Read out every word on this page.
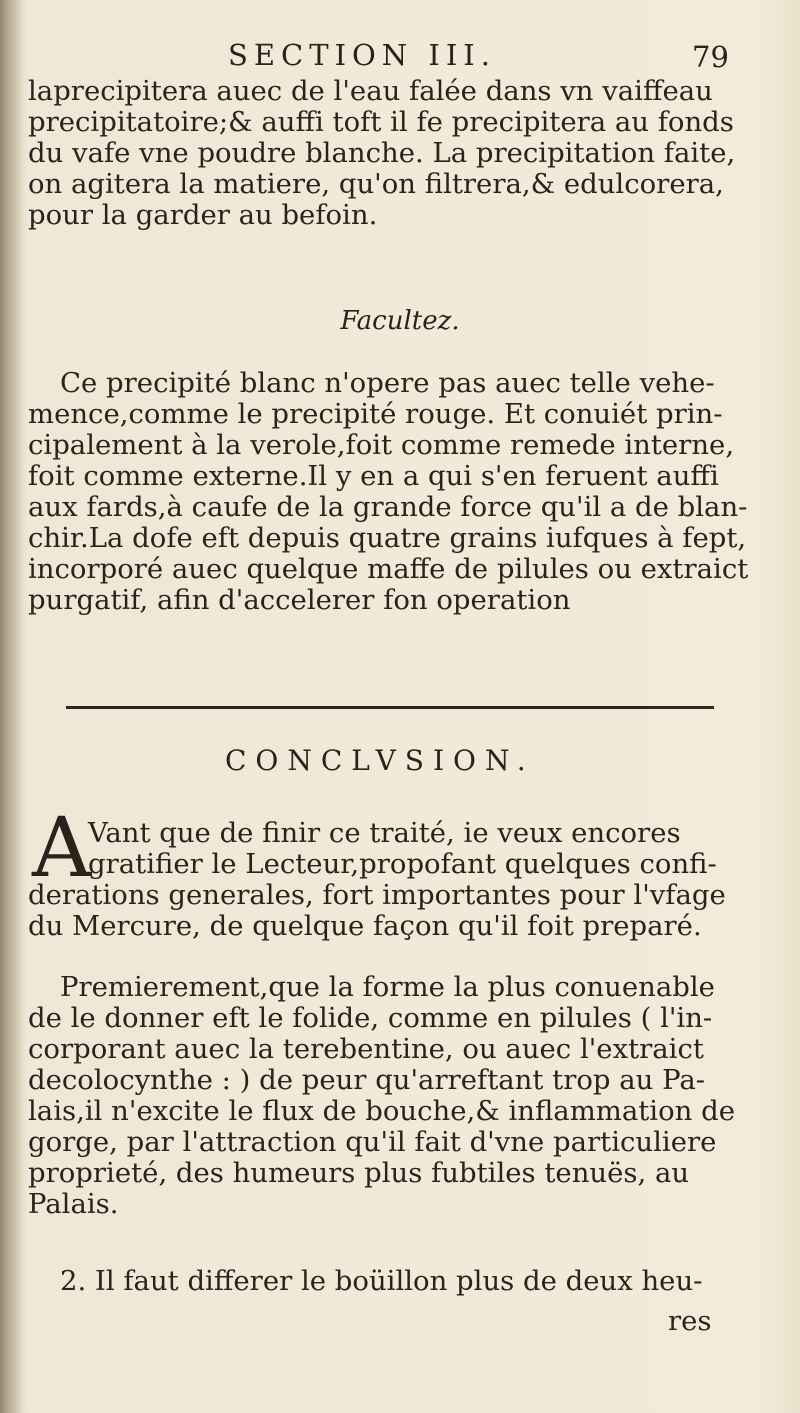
SECTION III.	79
laprecipitera auec de l'eau falée dans vn vaiffeau
precipitatoire;& auffi toft il fe precipitera au fonds
du vafe vne poudre blanche. La precipitation faite,
on agitera la matiere, qu'on filtrera,& edulcorera,
pour la garder au befoin.
Facultez.
Ce precipité blanc n'opere pas auec telle vehe-
mence,comme le precipité rouge. Et conuiét prin-
cipalement à la verole,foit comme remede interne,
foit comme externe.Il y en a qui s'en feruent auffi
aux fards,à caufe de la grande force qu'il a de blan-
chir.La dofe eft depuis quatre grains iufques à fept,
incorporé auec quelque maffe de pilules ou extraict
purgatif, afin d'accelerer fon operation
CONCLVSION.
A
Vant que de finir ce traité, ie veux encores
gratifier le Lecteur,propofant quelques confi-
derations generales, fort importantes pour l'vfage
du Mercure, de quelque façon qu'il foit preparé.
Premierement,que la forme la plus conuenable
de le donner eft le folide, comme en pilules ( l'in-
corporant auec la terebentine, ou auec l'extraict
decolocynthe : ) de peur qu'arreftant trop au Pa-
lais,il n'excite le flux de bouche,& inflammation de
gorge, par l'attraction qu'il fait d'vne particuliere
proprieté, des humeurs plus fubtiles tenuës, au
Palais.
2. Il faut differer le boüillon plus de deux heu-
res
